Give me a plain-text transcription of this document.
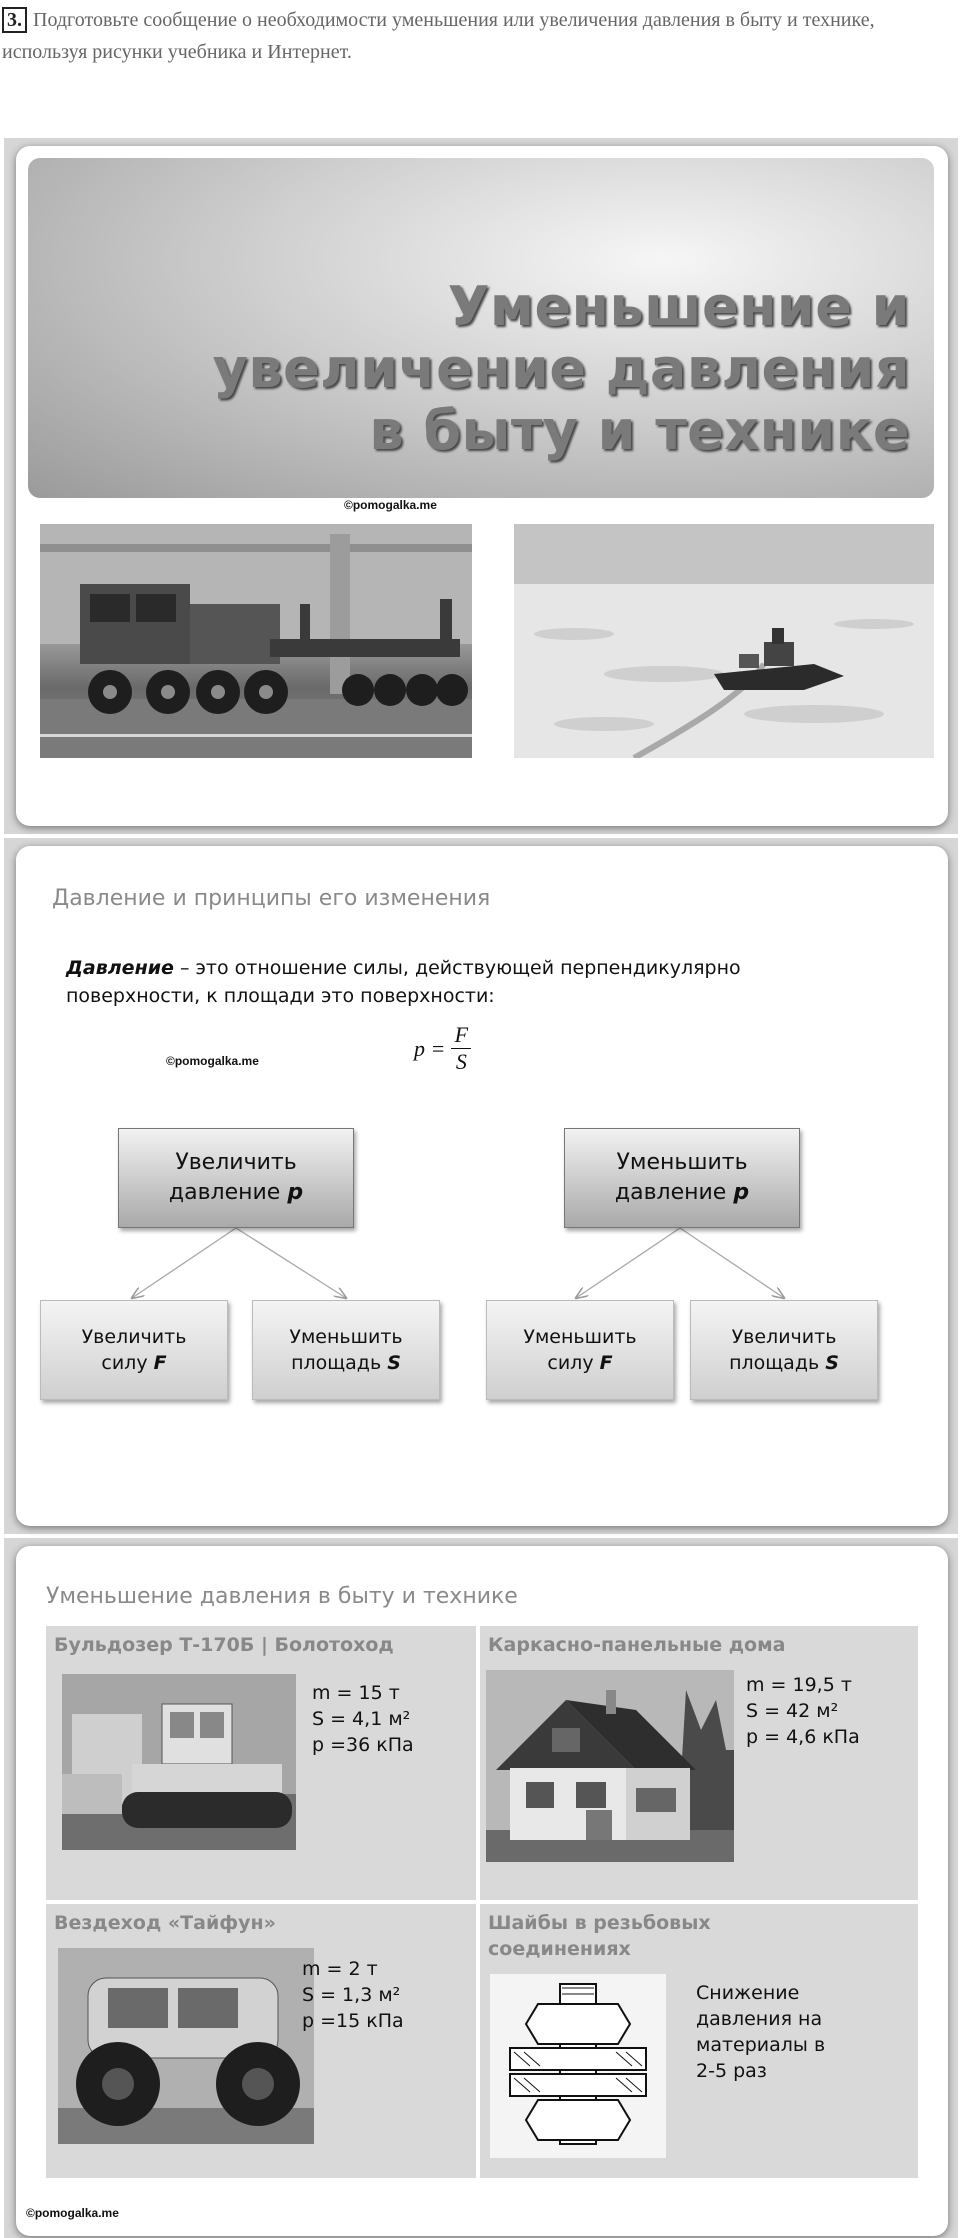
3. Подготовьте сообщение о необходимости уменьшения или увеличения давления в быту и технике, используя рисунки учебника и Интернет.
Уменьшение и
увеличение давления
в быту и технике
©pomogalka.me
Давление и принципы его изменения
Давление – это отношение силы, действующей перпендикулярно поверхности, к площади это поверхности:
©pomogalka.me
$p = \frac{F}{S}$
Увеличить
давление p
Уменьшить
давление p
Увеличить
силу F
Уменьшить
площадь S
Уменьшить
силу F
Увеличить
площадь S
Уменьшение давления в быту и технике
Бульдозер Т-170Б | Болотоход
m = 15 т
S = 4,1 м²
p =36 кПа
Каркасно-панельные дома
m = 19,5 т
S = 42 м²
p = 4,6 кПа
Вездеход «Тайфун»
m = 2 т
S = 1,3 м²
p =15 кПа
Шайбы в резьбовых
соединениях
Снижение давления на материалы в 2-5 раз
©pomogalka.me
